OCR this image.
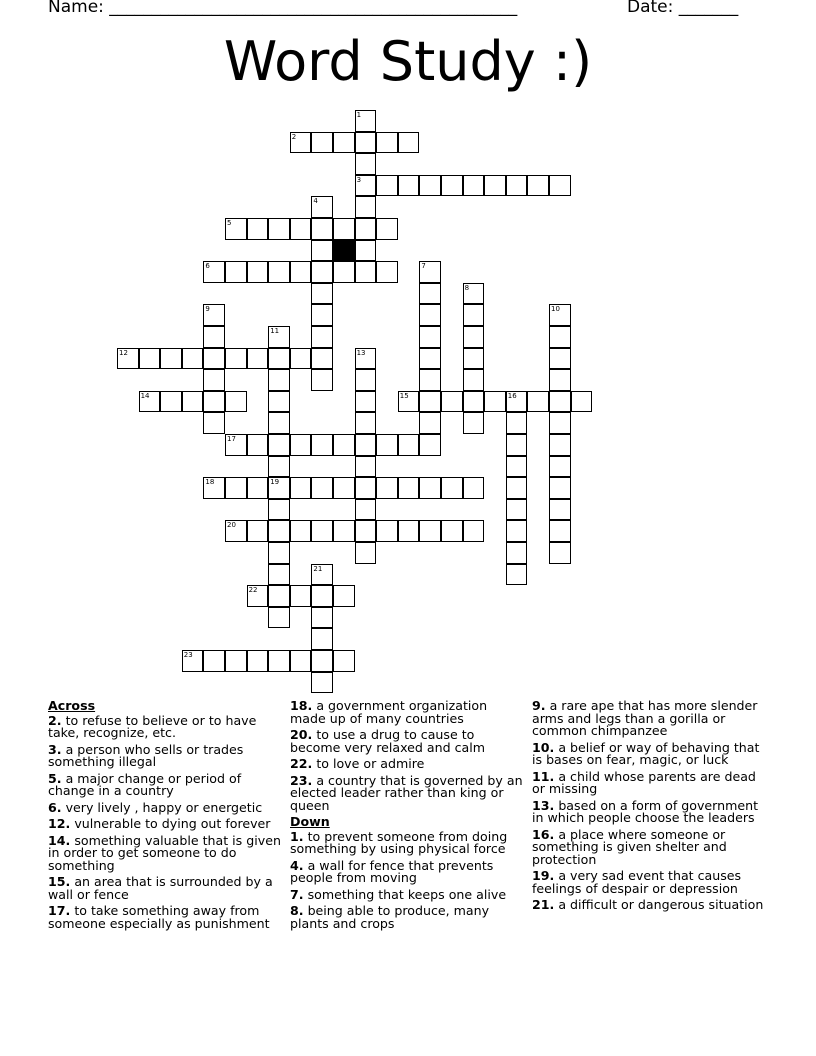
Name: ________________________________________________	Date: _______
Word Study :)
2
3
5
6
12
14	15	16
17
18	19
20
22
23
1
4
7
8
9	10
11
13
21
Across
2. to refuse to believe or to have take, recognize, etc.
3. a person who sells or trades something illegal
5. a major change or period of change in a country
6. very lively , happy or energetic
12. vulnerable to dying out forever
14. something valuable that is given in order to get someone to do something
15. an area that is surrounded by a wall or fence
17. to take something away from someone especially as punishment
18. a government organization made up of many countries
20. to use a drug to cause to become very relaxed and calm
22. to love or admire
23. a country that is governed by an elected leader rather than king or queen
Down
1. to prevent someone from doing something by using physical force
4. a wall for fence that prevents people from moving
7. something that keeps one alive
8. being able to produce, many plants and crops
9. a rare ape that has more slender arms and legs than a gorilla or common chimpanzee
10. a belief or way of behaving that is bases on fear, magic, or luck
11. a child whose parents are dead or missing
13. based on a form of government in which people choose the leaders
16. a place where someone or something is given shelter and protection
19. a very sad event that causes feelings of despair or depression
21. a difficult or dangerous situation
